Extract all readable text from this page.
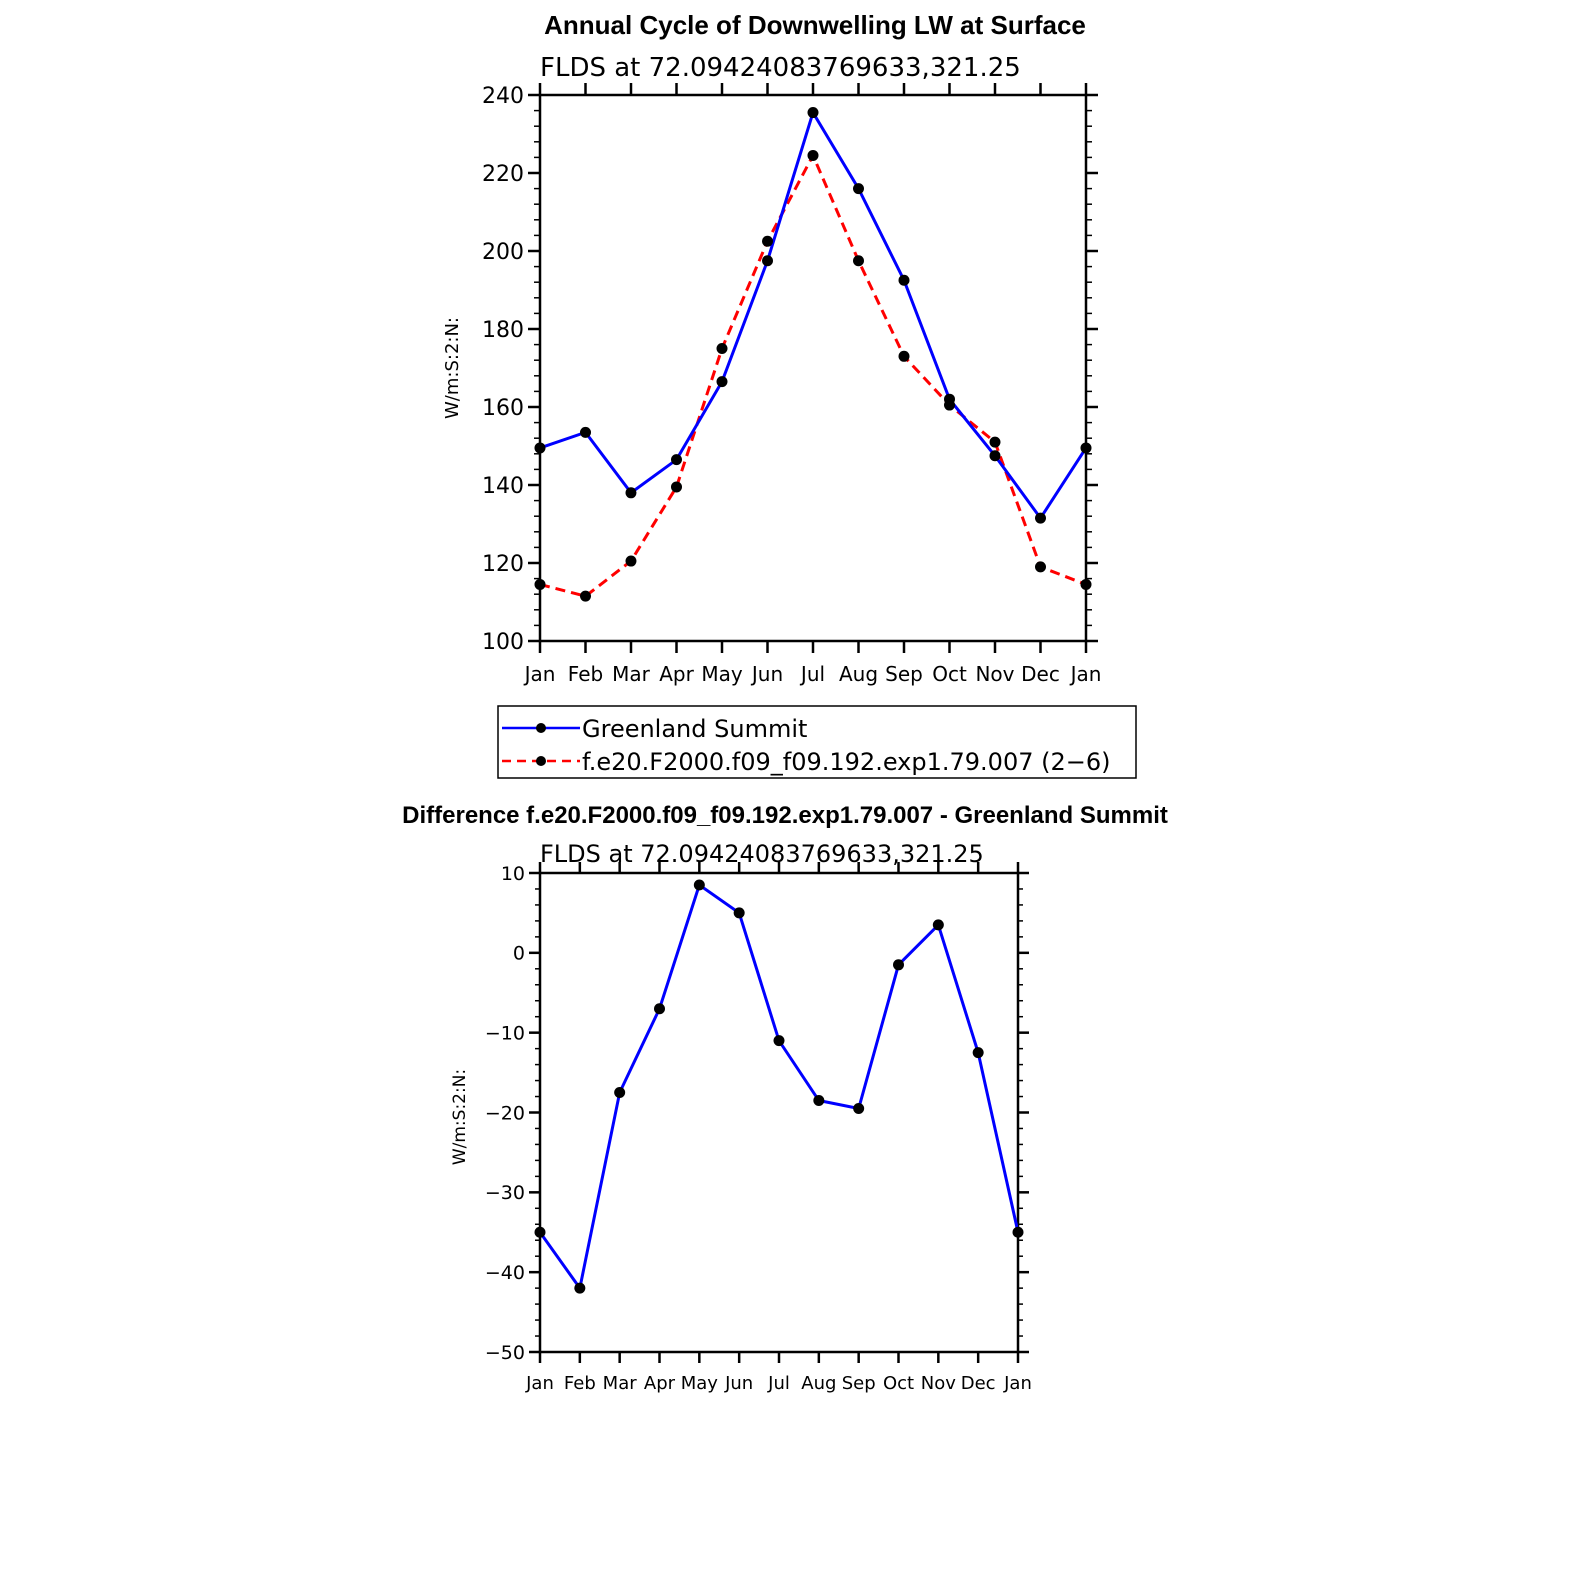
Annual Cycle of Downwelling LW at Surface
FLDS at 72.09424083769633,321.25
W/m:S:2:N:
Jan Feb Mar Apr May Jun Jul Aug Sep Oct Nov Dec Jan
100
120
140
160
180
200
220
240
Greenland Summit
f.e20.F2000.f09_f09.192.exp1.79.007 (2−6)
Difference f.e20.F2000.f09_f09.192.exp1.79.007 - Greenland Summit
FLDS at 72.09424083769633,321.25
W/m:S:2:N:
Jan Feb Mar Apr May Jun Jul Aug Sep Oct Nov Dec Jan
−50
−40
−30
−20
−10
0
10
